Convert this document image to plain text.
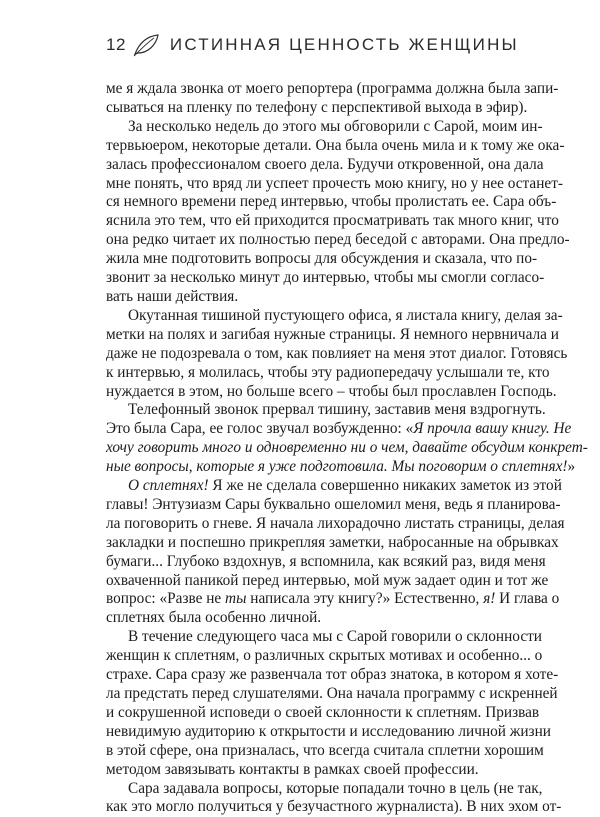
12	ИСТИННАЯ ЦЕННОСТЬ ЖЕНЩИНЫ

ме я ждала звонка от моего репортера (программа должна была запи-
сываться на пленку по телефону с перспективой выхода в эфир).

За несколько недель до этого мы обговорили с Сарой, моим ин-
тервьюером, некоторые детали. Она была очень мила и к тому же ока-
залась профессионалом своего дела. Будучи откровенной, она дала
мне понять, что вряд ли успеет прочесть мою книгу, но у нее останет-
ся немного времени перед интервью, чтобы пролистать ее. Сара объ-
яснила это тем, что ей приходится просматривать так много книг, что
она редко читает их полностью перед беседой с авторами. Она предло-
жила мне подготовить вопросы для обсуждения и сказала, что по-
звонит за несколько минут до интервью, чтобы мы смогли согласо-
вать наши действия.

Окутанная тишиной пустующего офиса, я листала книгу, делая за-
метки на полях и загибая нужные страницы. Я немного нервничала и
даже не подозревала о том, как повлияет на меня этот диалог. Готовясь
к интервью, я молилась, чтобы эту радиопередачу услышали те, кто
нуждается в этом, но больше всего – чтобы был прославлен Господь.

Телефонный звонок прервал тишину, заставив меня вздрогнуть.
Это была Сара, ее голос звучал возбужденно: «Я прочла вашу книгу. Не
хочу говорить много и одновременно ни о чем, давайте обсудим конкрет-
ные вопросы, которые я уже подготовила. Мы поговорим о сплетнях!»

О сплетнях! Я же не сделала совершенно никаких заметок из этой
главы! Энтузиазм Сары буквально ошеломил меня, ведь я планирова-
ла поговорить о гневе. Я начала лихорадочно листать страницы, делая
закладки и поспешно прикрепляя заметки, набросанные на обрывках
бумаги... Глубоко вздохнув, я вспомнила, как всякий раз, видя меня
охваченной паникой перед интервью, мой муж задает один и тот же
вопрос: «Разве не ты написала эту книгу?» Естественно, я! И глава о
сплетнях была особенно личной.

В течение следующего часа мы с Сарой говорили о склонности
женщин к сплетням, о различных скрытых мотивах и особенно... о
страхе. Сара сразу же развенчала тот образ знатока, в котором я хоте-
ла предстать перед слушателями. Она начала программу с искренней
и сокрушенной исповеди о своей склонности к сплетням. Призвав
невидимую аудиторию к открытости и исследованию личной жизни
в этой сфере, она призналась, что всегда считала сплетни хорошим
методом завязывать контакты в рамках своей профессии.

Сара задавала вопросы, которые попадали точно в цель (не так,
как это могло получиться у безучастного журналиста). В них эхом от-
